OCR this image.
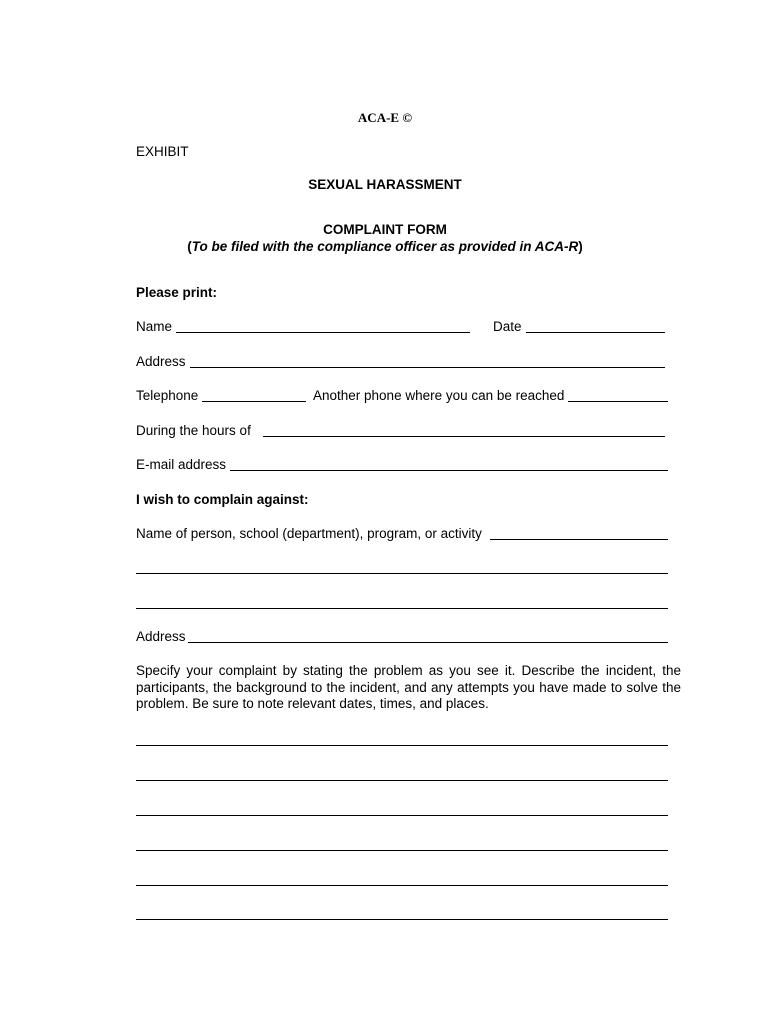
ACA-E ©
EXHIBIT
SEXUAL HARASSMENT
COMPLAINT FORM
(To be filed with the compliance officer as provided in ACA-R)
Please print:
Name	Date
Address
Telephone	Another phone where you can be reached
During the hours of
E-mail address
I wish to complain against:
Name of person, school (department), program, or activity
Address
Specify your complaint by stating the problem as you see it. Describe the incident, the participants, the background to the incident, and any attempts you have made to solve the problem. Be sure to note relevant dates, times, and places.
